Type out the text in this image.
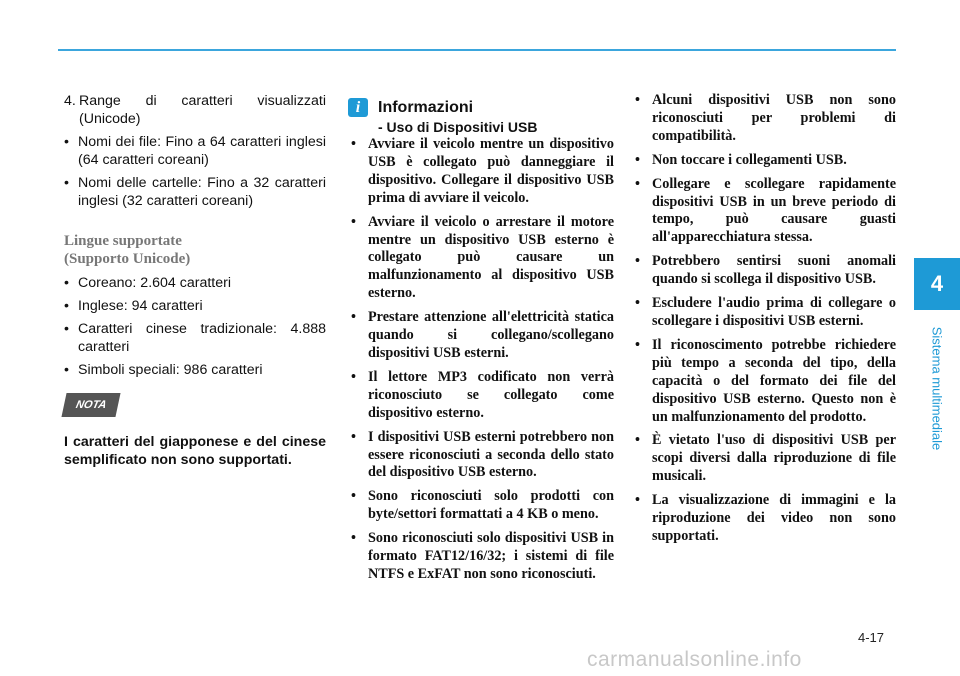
4
Sistema multimediale
4. Range di caratteri visualizzati (Unicode)
• Nomi dei file: Fino a 64 caratteri inglesi (64 caratteri coreani)
• Nomi delle cartelle: Fino a 32 caratteri inglesi (32 caratteri coreani)
Lingue supportate
(Supporto Unicode)
• Coreano: 2.604 caratteri
• Inglese: 94 caratteri
• Caratteri cinese tradizionale: 4.888 caratteri
• Simboli speciali: 986 caratteri
NOTA
I caratteri del giapponese e del cinese semplificato non sono supportati.
i	Informazioni
- Uso di Dispositivi USB
• Avviare il veicolo mentre un dispositivo USB è collegato può danneggiare il dispositivo. Collegare il dispositivo USB prima di avviare il veicolo.
• Avviare il veicolo o arrestare il motore mentre un dispositivo USB esterno è collegato può causare un malfunzionamento al dispositivo USB esterno.
• Prestare attenzione all'elettricità statica quando si collegano/scollegano dispositivi USB esterni.
• Il lettore MP3 codificato non verrà riconosciuto se collegato come dispositivo esterno.
• I dispositivi USB esterni potrebbero non essere riconosciuti a seconda dello stato del dispositivo USB esterno.
• Sono riconosciuti solo prodotti con byte/settori formattati a 4 KB o meno.
• Sono riconosciuti solo dispositivi USB in formato FAT12/16/32; i sistemi di file NTFS e ExFAT non sono riconosciuti.
• Alcuni dispositivi USB non sono riconosciuti per problemi di compatibilità.
• Non toccare i collegamenti USB.
• Collegare e scollegare rapidamente dispositivi USB in un breve periodo di tempo, può causare guasti all'apparecchiatura stessa.
• Potrebbero sentirsi suoni anomali quando si scollega il dispositivo USB.
• Escludere l'audio prima di collegare o scollegare i dispositivi USB esterni.
• Il riconoscimento potrebbe richiedere più tempo a seconda del tipo, della capacità o del formato dei file del dispositivo USB esterno. Questo non è un malfunzionamento del prodotto.
• È vietato l'uso di dispositivi USB per scopi diversi dalla riproduzione di file musicali.
• La visualizzazione di immagini e la riproduzione dei video non sono supportati.
4-17
carmanualsonline.info
